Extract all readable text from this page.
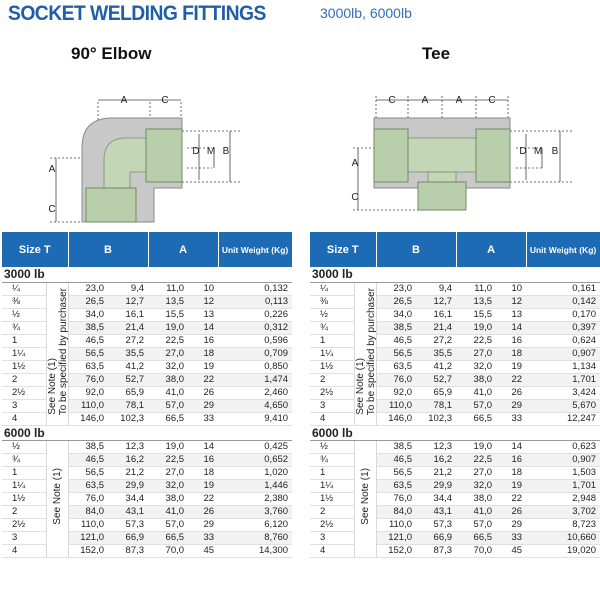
SOCKET WELDING FITTINGS	3000lb, 6000lb
90° Elbow	Tee
A	C
A
C
D M B
C	A	A	C
A
C
D M B
Size T		B		A		Unit Weight (Kg)
3000 lb						
¼	See Note (1)To be specified by purchaser	23,0	9,4	11,0	10	0,132
⅜		26,5	12,7	13,5	12	0,113
½		34,0	16,1	15,5	13	0,226
¾		38,5	21,4	19,0	14	0,312
1		46,5	27,2	22,5	16	0,596
1¼		56,5	35,5	27,0	18	0,709
1½		63,5	41,2	32,0	19	0,850
2		76,0	52,7	38,0	22	1,474
2½		92,0	65,9	41,0	26	2,460
3		110,0	78,1	57,0	29	4,650
4		146,0	102,3	66,5	33	9,410
6000 lb						
½	See Note (1)	38,5	12,3	19,0	14	0,425
¾		46,5	16,2	22,5	16	0,652
1		56,5	21,2	27,0	18	1,020
1¼		63,5	29,9	32,0	19	1,446
1½		76,0	34,4	38,0	22	2,380
2		84,0	43,1	41,0	26	3,760
2½		110,0	57,3	57,0	29	6,120
3		121,0	66,9	66,5	33	8,760
4		152,0	87,3	70,0	45	14,300
Size T		B		A		Unit Weight (Kg)
3000 lb						
¼	See Note (1)To be specified by purchaser	23,0	9,4	11,0	10	0,161
⅜		26,5	12,7	13,5	12	0,142
½		34,0	16,1	15,5	13	0,170
¾		38,5	21,4	19,0	14	0,397
1		46,5	27,2	22,5	16	0,624
1¼		56,5	35,5	27,0	18	0,907
1½		63,5	41,2	32,0	19	1,134
2		76,0	52,7	38,0	22	1,701
2½		92,0	65,9	41,0	26	3,424
3		110,0	78,1	57,0	29	5,670
4		146,0	102,3	66,5	33	12,247
6000 lb						
½	See Note (1)	38,5	12,3	19,0	14	0,623
¾		46,5	16,2	22,5	16	0,907
1		56,5	21,2	27,0	18	1,503
1¼		63,5	29,9	32,0	19	1,701
1½		76,0	34,4	38,0	22	2,948
2		84,0	43,1	41,0	26	3,702
2½		110,0	57,3	57,0	29	8,723
3		121,0	66,9	66,5	33	10,660
4		152,0	87,3	70,0	45	19,020
